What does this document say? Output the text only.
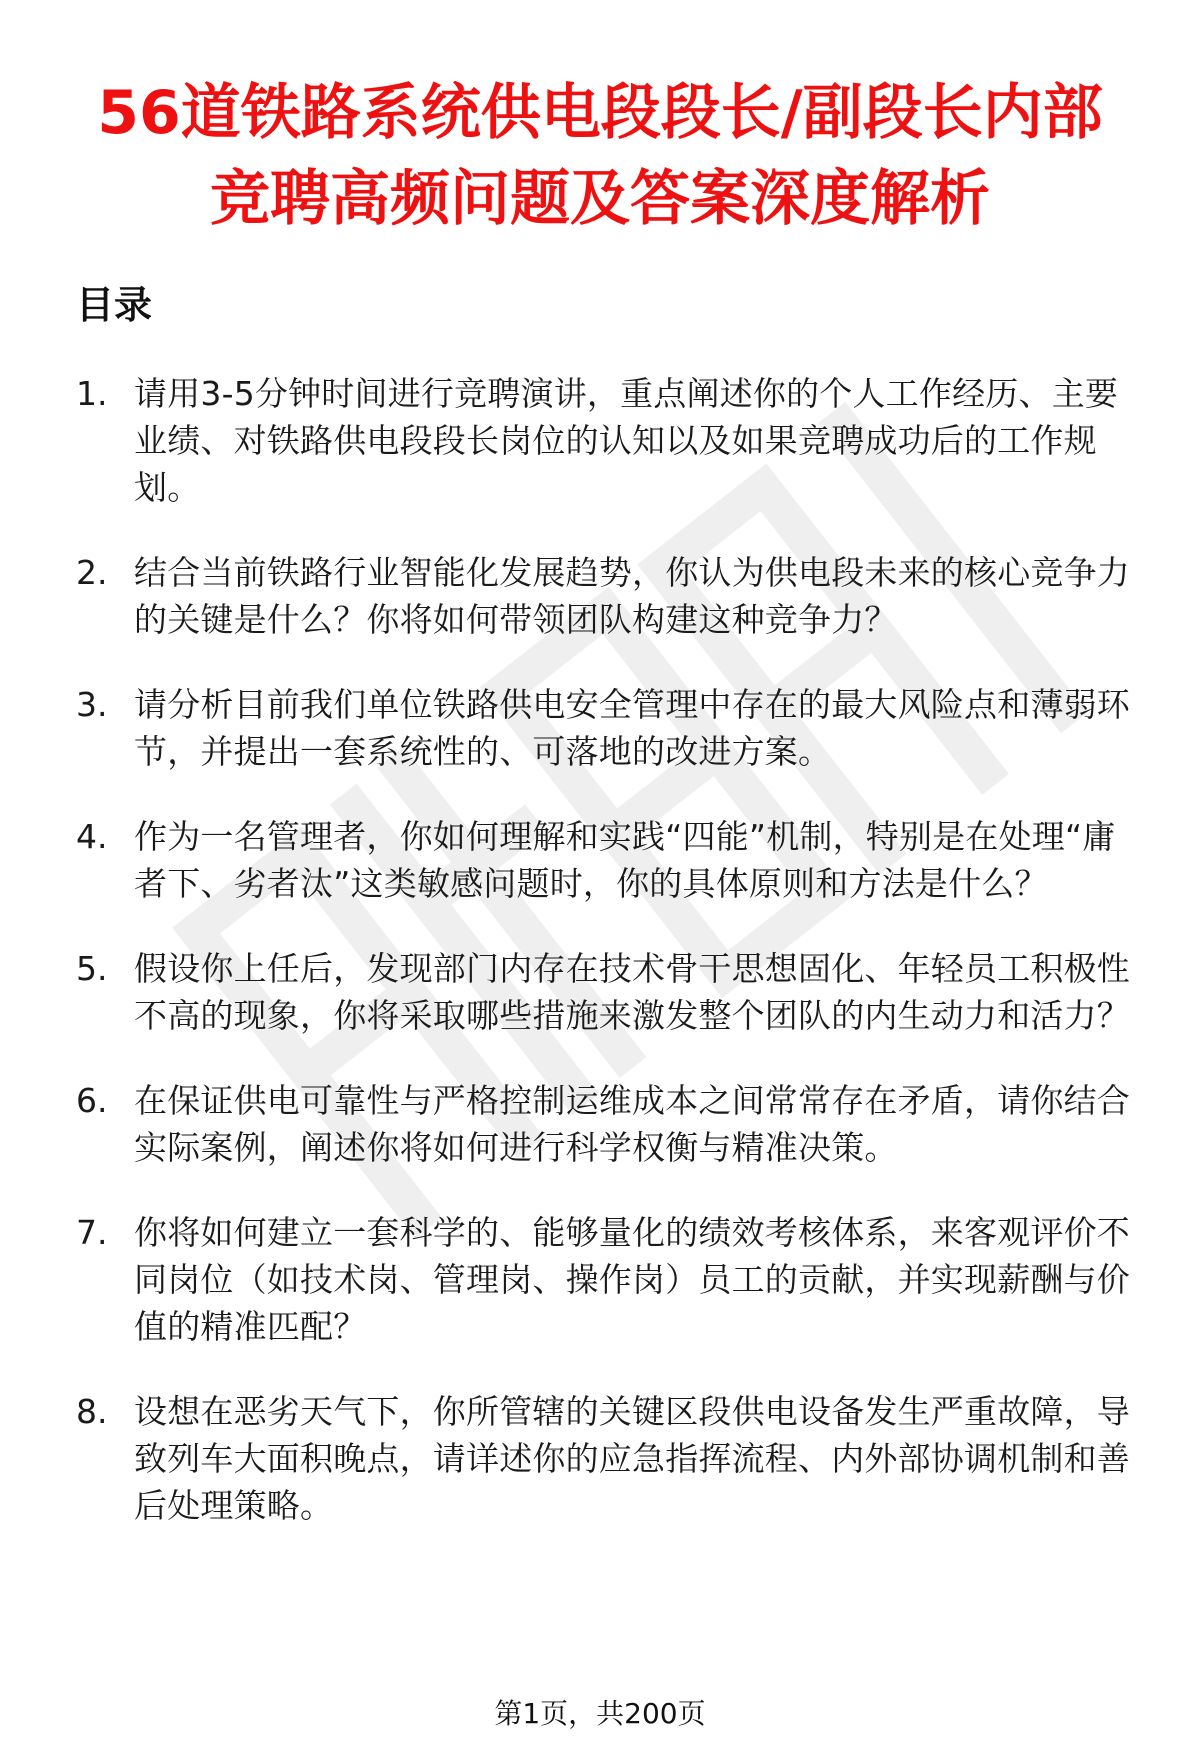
56道铁路系统供电段段长/副段长内部竞聘高频问题及答案深度解析
目录
1. 请用3-5分钟时间进行竞聘演讲，重点阐述你的个人工作经历、主要业绩、对铁路供电段段长岗位的认知以及如果竞聘成功后的工作规划。
2. 结合当前铁路行业智能化发展趋势，你认为供电段未来的核心竞争力的关键是什么？你将如何带领团队构建这种竞争力？
3. 请分析目前我们单位铁路供电安全管理中存在的最大风险点和薄弱环节，并提出一套系统性的、可落地的改进方案。
4. 作为一名管理者，你如何理解和实践“四能”机制，特别是在处理“庸者下、劣者汰”这类敏感问题时，你的具体原则和方法是什么？
5. 假设你上任后，发现部门内存在技术骨干思想固化、年轻员工积极性不高的现象，你将采取哪些措施来激发整个团队的内生动力和活力？
6. 在保证供电可靠性与严格控制运维成本之间常常存在矛盾，请你结合实际案例，阐述你将如何进行科学权衡与精准决策。
7. 你将如何建立一套科学的、能够量化的绩效考核体系，来客观评价不同岗位（如技术岗、管理岗、操作岗）员工的贡献，并实现薪酬与价值的精准匹配？
8. 设想在恶劣天气下，你所管辖的关键区段供电设备发生严重故障，导致列车大面积晚点，请详述你的应急指挥流程、内外部协调机制和善后处理策略。
第1页，共200页
